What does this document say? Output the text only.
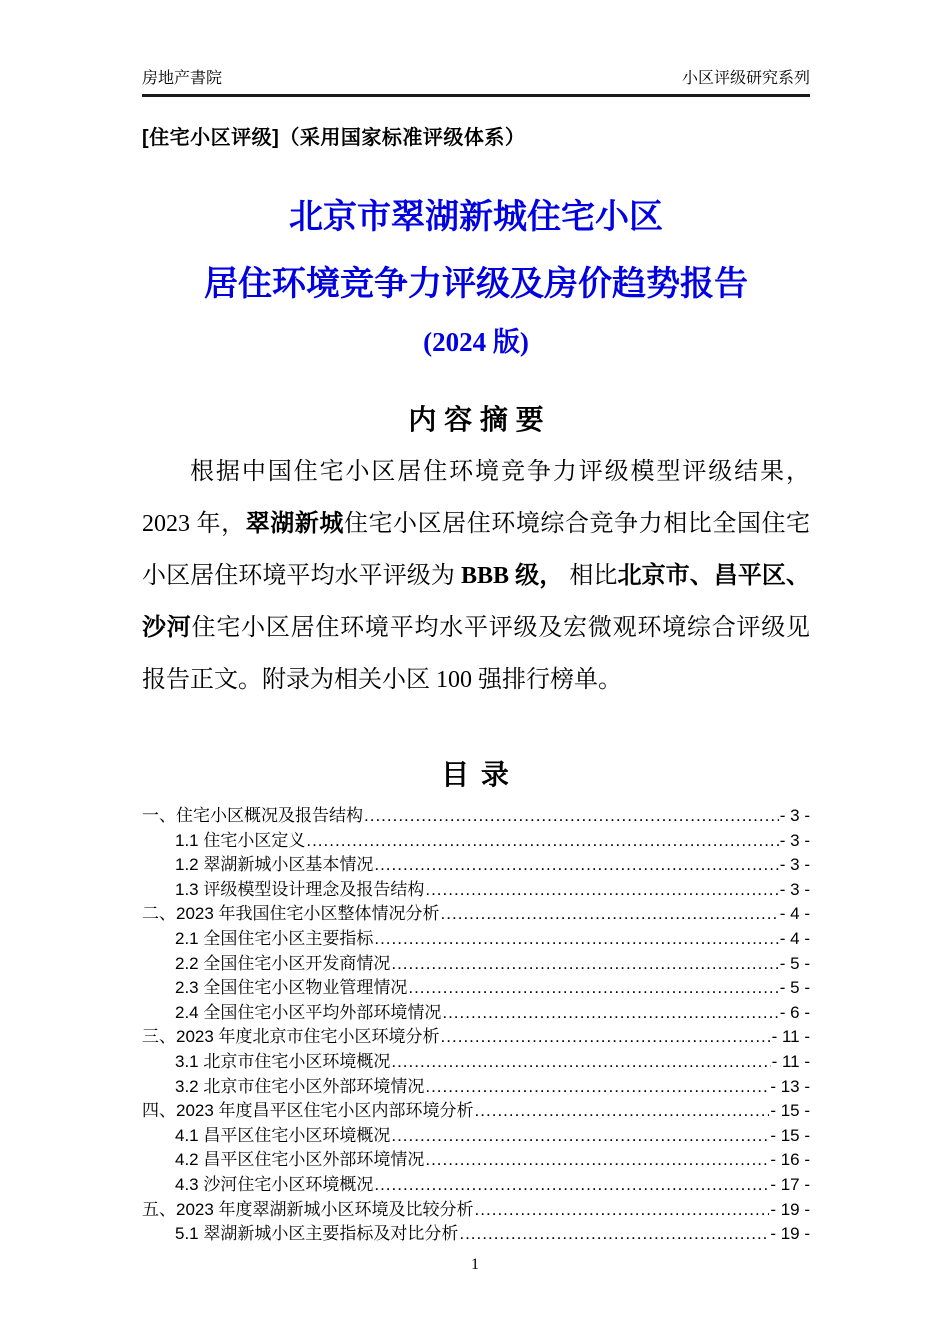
房地产書院	小区评级研究系列
[住宅小区评级]（采用国家标准评级体系）
北京市翠湖新城住宅小区
居住环境竞争力评级及房价趋势报告
(2024 版)
内 容 摘 要

根据中国住宅小区居住环境竞争力评级模型评级结果，2023 年，翠湖新城住宅小区居住环境综合竞争力相比全国住宅小区居住环境平均水平评级为 BBB 级， 相比北京市、昌平区、沙河住宅小区居住环境平均水平评级及宏微观环境综合评级见报告正文。附录为相关小区 100 强排行榜单。

目 录
一、住宅小区概况及报告结构 .....	- 3 -
1.1 住宅小区定义 .....	- 3 -
1.2 翠湖新城小区基本情况 .....	- 3 -
1.3 评级模型设计理念及报告结构 .....	- 3 -
二、2023 年我国住宅小区整体情况分析 .....	- 4 -
2.1 全国住宅小区主要指标 .....	- 4 -
2.2 全国住宅小区开发商情况 .....	- 5 -
2.3 全国住宅小区物业管理情况 .....	- 5 -
2.4 全国住宅小区平均外部环境情况 .....	- 6 -
三、2023 年度北京市住宅小区环境分析 .....	- 11 -
3.1 北京市住宅小区环境概况 .....	- 11 -
3.2 北京市住宅小区外部环境情况 .....	- 13 -
四、2023 年度昌平区住宅小区内部环境分析 .....	- 15 -
4.1 昌平区住宅小区环境概况 .....	- 15 -
4.2 昌平区住宅小区外部环境情况 .....	- 16 -
4.3 沙河住宅小区环境概况 .....	- 17 -
五、2023 年度翠湖新城小区环境及比较分析 .....	- 19 -
5.1 翠湖新城小区主要指标及对比分析 .....	- 19 -
1
